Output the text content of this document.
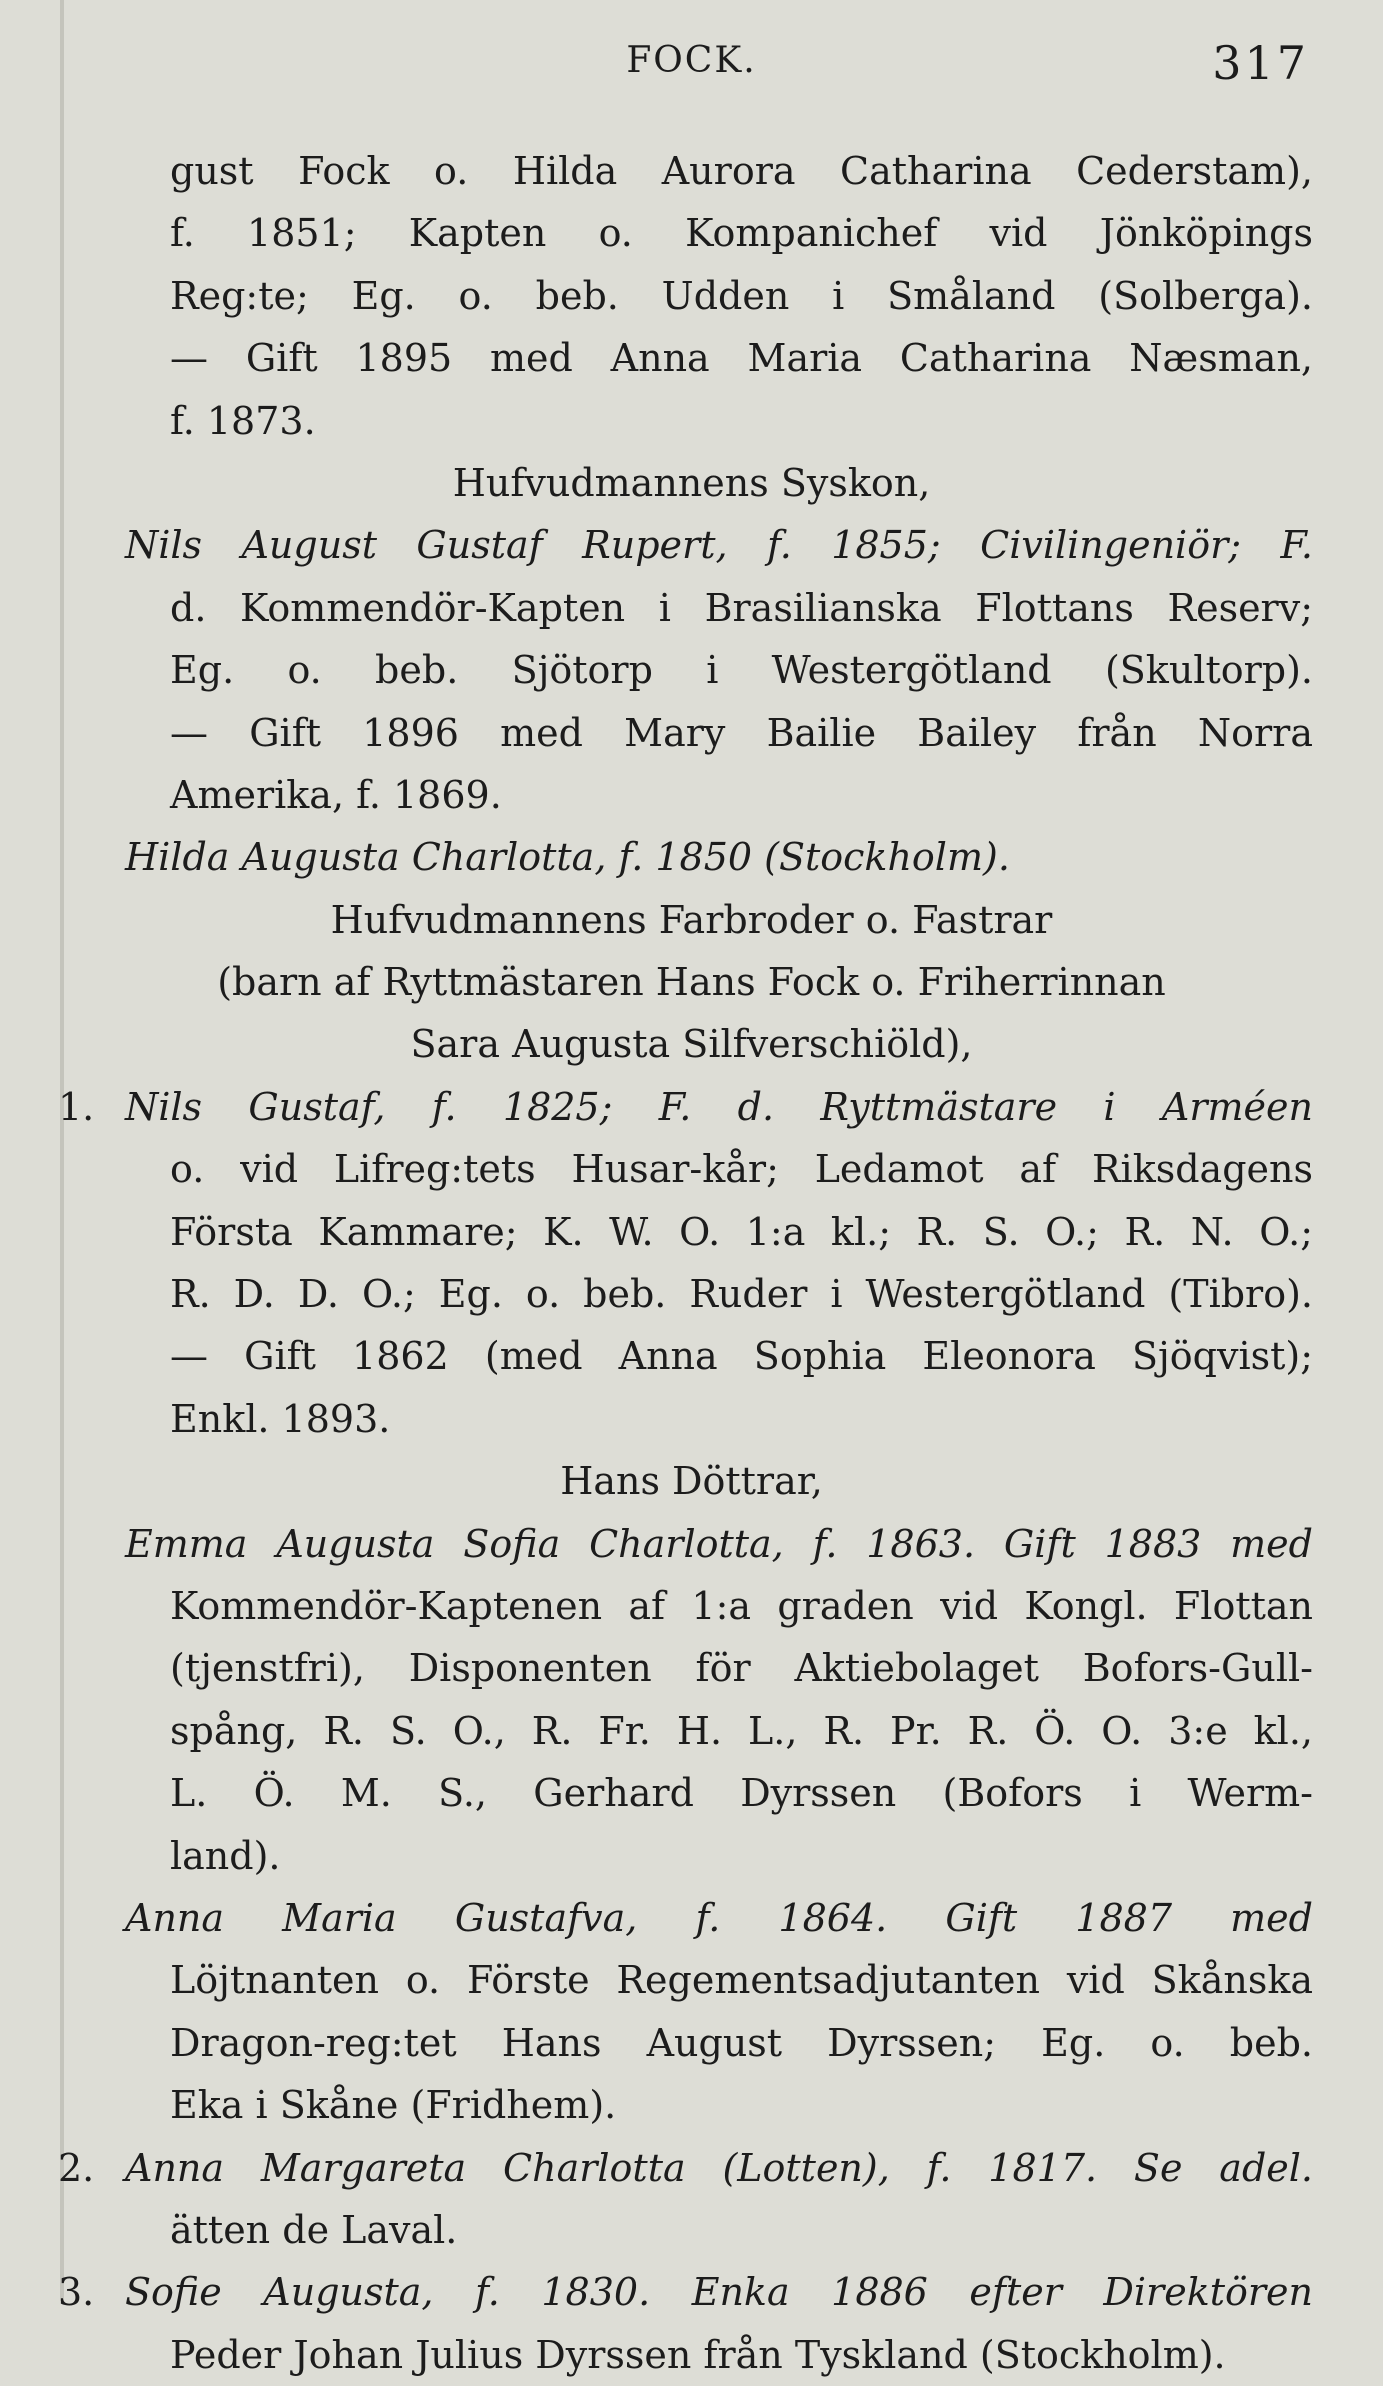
FOCK.	317
gust Fock o. Hilda Aurora Catharina Cederstam),
f. 1851; Kapten o. Kompanichef vid Jönköpings
Reg:te; Eg. o. beb. Udden i Småland (Solberga).
— Gift 1895 med Anna Maria Catharina Næsman,
f. 1873.
Hufvudmannens Syskon,
Nils August Gustaf Rupert, f. 1855; Civilingeniör; F.
d. Kommendör-Kapten i Brasilianska Flottans Reserv;
Eg. o. beb. Sjötorp i Westergötland (Skultorp).
— Gift 1896 med Mary Bailie Bailey från Norra
Amerika, f. 1869.
Hilda Augusta Charlotta, f. 1850 (Stockholm).
Hufvudmannens Farbroder o. Fastrar
(barn af Ryttmästaren Hans Fock o. Friherrinnan
Sara Augusta Silfverschiöld),
1. Nils Gustaf, f. 1825; F. d. Ryttmästare i Arméen
o. vid Lifreg:tets Husar-kår; Ledamot af Riksdagens
Första Kammare; K. W. O. 1:a kl.; R. S. O.; R. N. O.;
R. D. D. O.; Eg. o. beb. Ruder i Westergötland (Tibro).
— Gift 1862 (med Anna Sophia Eleonora Sjöqvist);
Enkl. 1893.
Hans Döttrar,
Emma Augusta Sofia Charlotta, f. 1863. Gift 1883 med
Kommendör-Kaptenen af 1:a graden vid Kongl. Flottan
(tjenstfri), Disponenten för Aktiebolaget Bofors-Gull-
spång, R. S. O., R. Fr. H. L., R. Pr. R. Ö. O. 3:e kl.,
L. Ö. M. S., Gerhard Dyrssen (Bofors i Werm-
land).
Anna Maria Gustafva, f. 1864. Gift 1887 med
Löjtnanten o. Förste Regementsadjutanten vid Skånska
Dragon-reg:tet Hans August Dyrssen; Eg. o. beb.
Eka i Skåne (Fridhem).
2. Anna Margareta Charlotta (Lotten), f. 1817. Se adel.
ätten de Laval.
3. Sofie Augusta, f. 1830. Enka 1886 efter Direktören
Peder Johan Julius Dyrssen från Tyskland (Stockholm).
